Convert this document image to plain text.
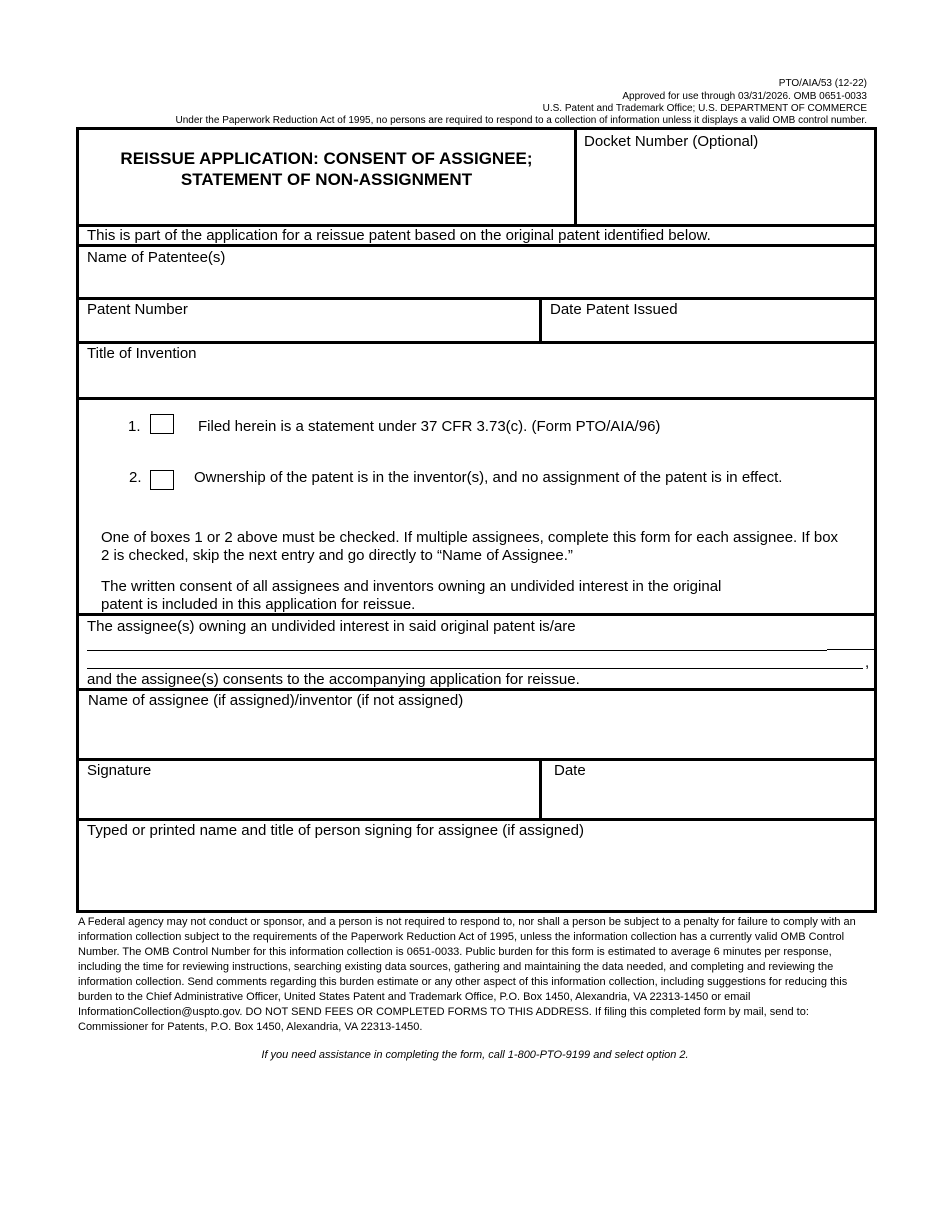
PTO/AIA/53 (12-22)
Approved for use through 03/31/2026. OMB 0651-0033
U.S. Patent and Trademark Office; U.S. DEPARTMENT OF COMMERCE
Under the Paperwork Reduction Act of 1995, no persons are required to respond to a collection of information unless it displays a valid OMB control number.
REISSUE APPLICATION: CONSENT OF ASSIGNEE;
STATEMENT OF NON-ASSIGNMENT
Docket Number (Optional)
This is part of the application for a reissue patent based on the original patent identified below.
Name of Patentee(s)
Patent Number	Date Patent Issued
Title of Invention
1.	Filed herein is a statement under 37 CFR 3.73(c). (Form PTO/AIA/96)
2.	Ownership of the patent is in the inventor(s), and no assignment of the patent is in effect.
One of boxes 1 or 2 above must be checked. If multiple assignees, complete this form for each assignee. If box 2 is checked, skip the next entry and go directly to “Name of Assignee.”
The written consent of all assignees and inventors owning an undivided interest in the original patent is included in this application for reissue.
The assignee(s) owning an undivided interest in said original patent is/are
,
and the assignee(s) consents to the accompanying application for reissue.
Name of assignee (if assigned)/inventor (if not assigned)
Signature	Date
Typed or printed name and title of person signing for assignee (if assigned)
A Federal agency may not conduct or sponsor, and a person is not required to respond to, nor shall a person be subject to a penalty for failure to comply with an information collection subject to the requirements of the Paperwork Reduction Act of 1995, unless the information collection has a currently valid OMB Control Number. The OMB Control Number for this information collection is 0651-0033. Public burden for this form is estimated to average 6 minutes per response, including the time for reviewing instructions, searching existing data sources, gathering and maintaining the data needed, and completing and reviewing the information collection. Send comments regarding this burden estimate or any other aspect of this information collection, including suggestions for reducing this burden to the Chief Administrative Officer, United States Patent and Trademark Office, P.O. Box 1450, Alexandria, VA 22313-1450 or email InformationCollection@uspto.gov. DO NOT SEND FEES OR COMPLETED FORMS TO THIS ADDRESS. If filing this completed form by mail, send to: Commissioner for Patents, P.O. Box 1450, Alexandria, VA 22313-1450.
If you need assistance in completing the form, call 1-800-PTO-9199 and select option 2.
